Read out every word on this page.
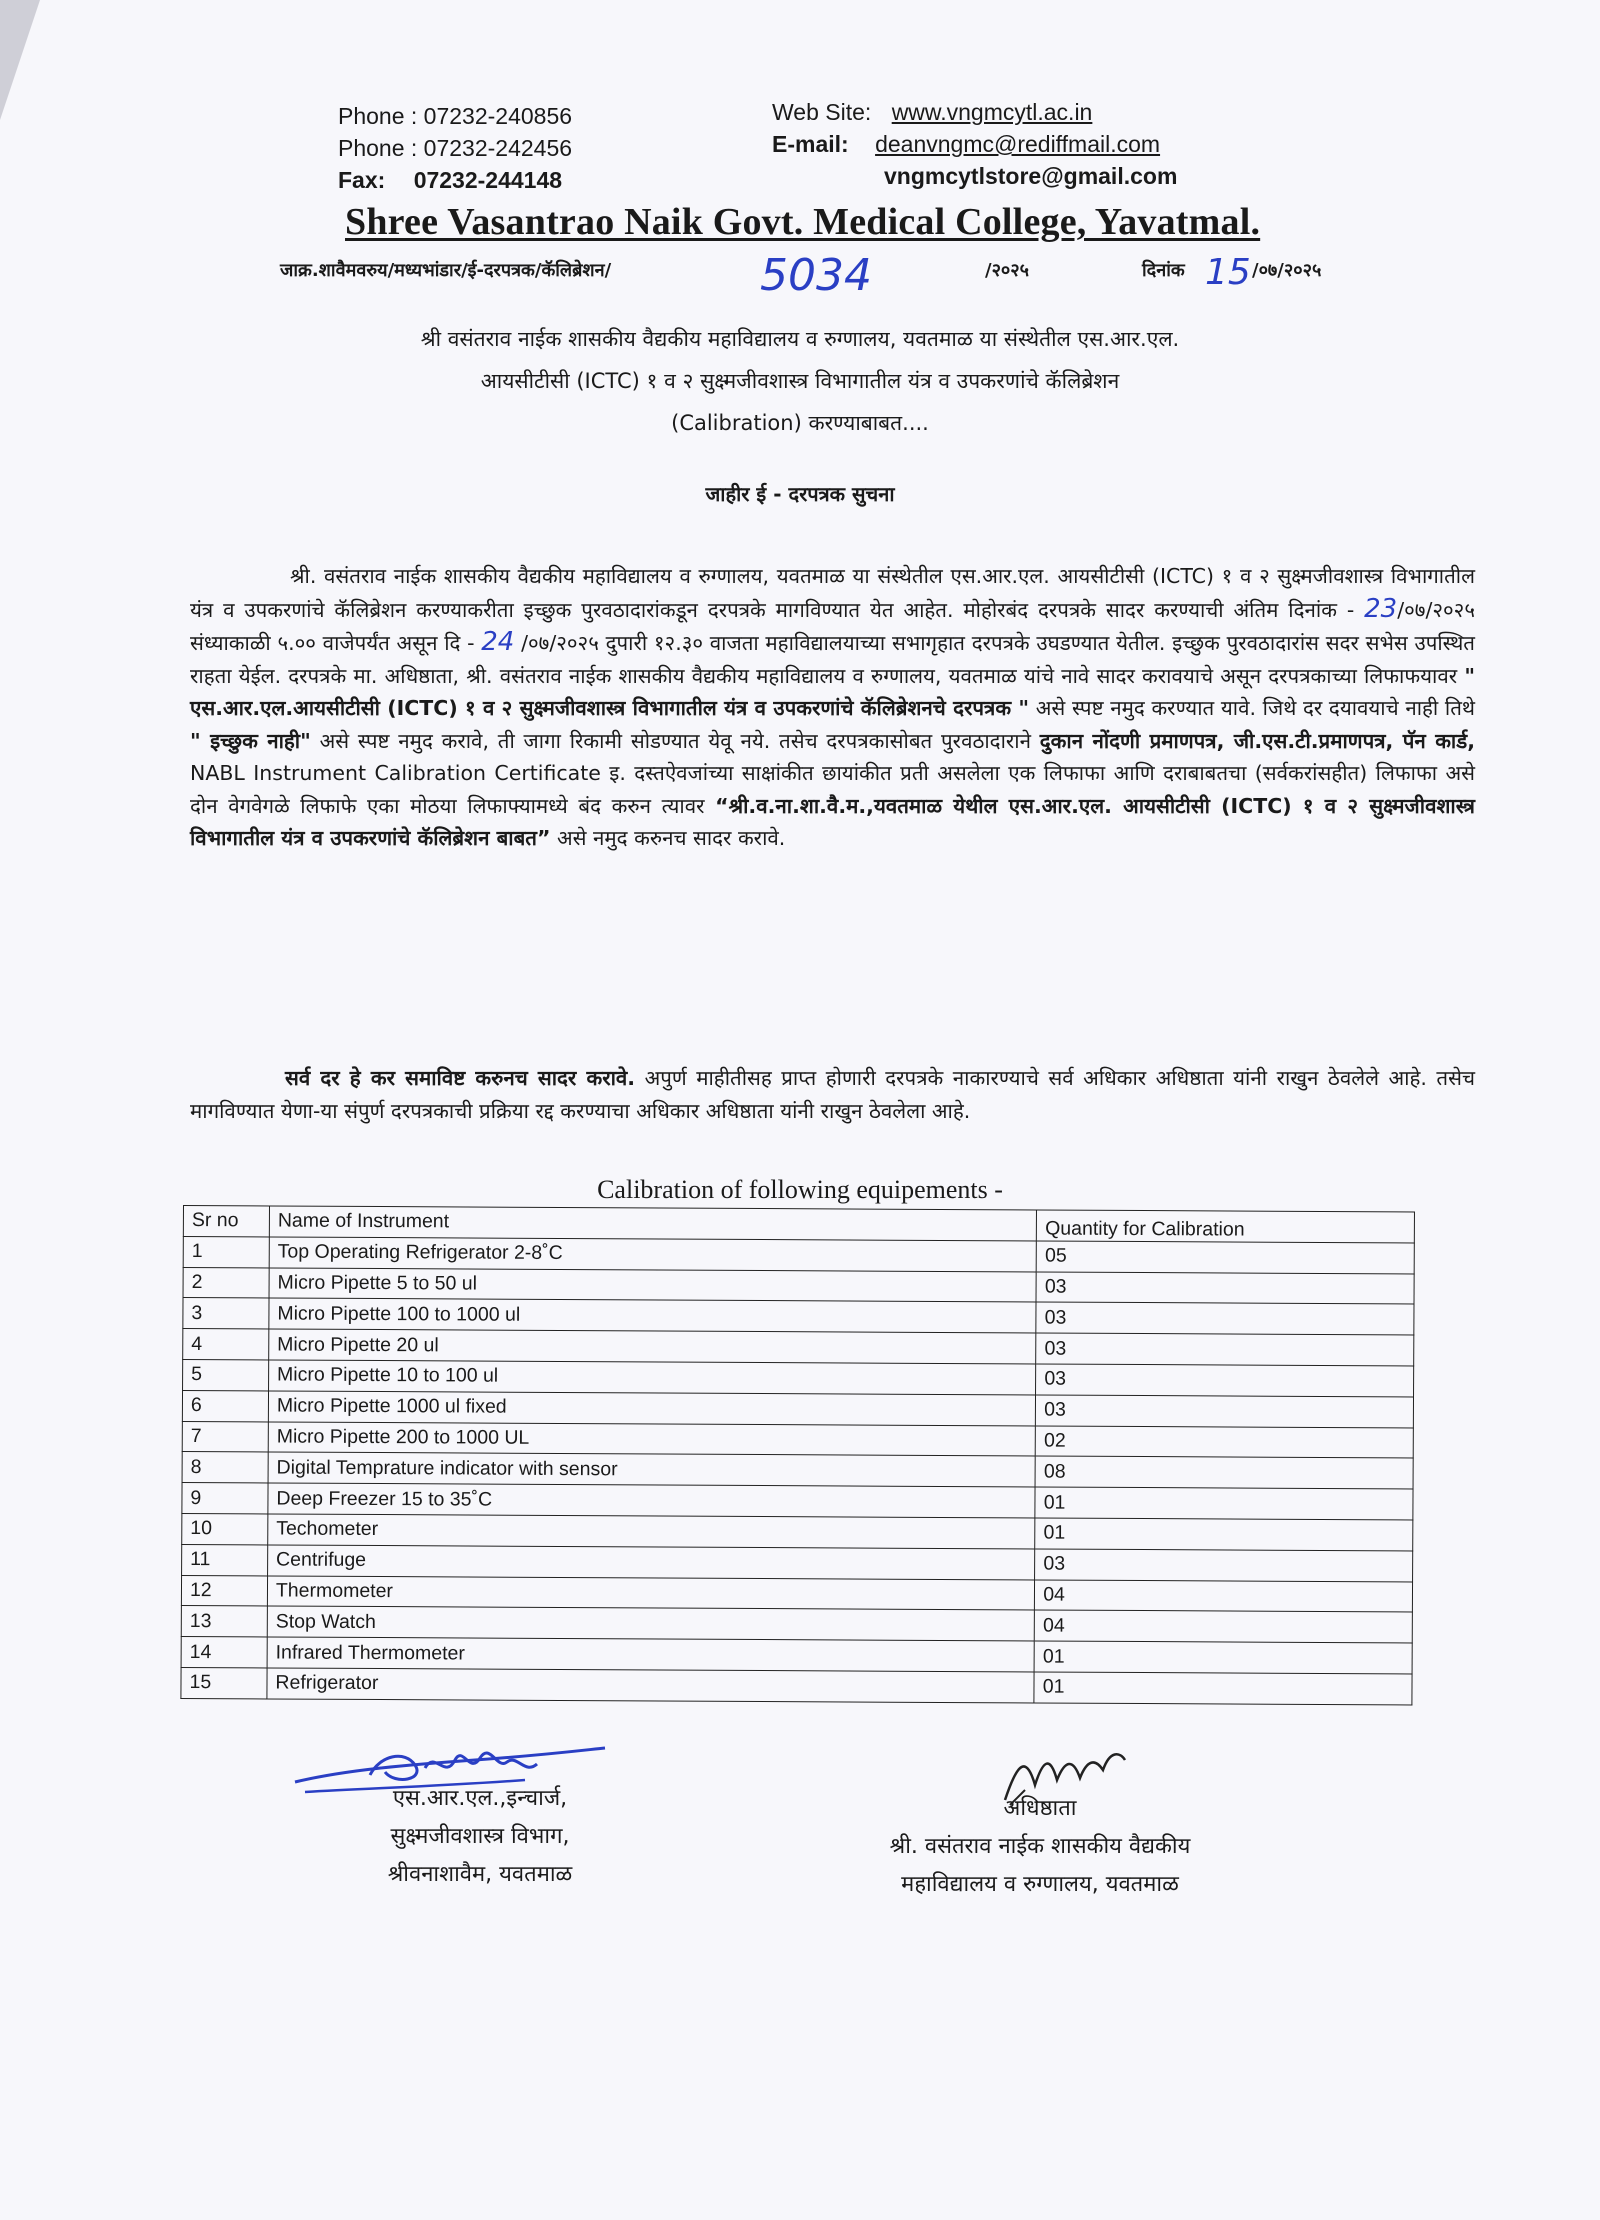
Phone : 07232-240856
Phone : 07232-242456
Fax: 07232-244148
Web Site: www.vngmcytl.ac.in
E-mail: deanvngmc@rediffmail.com
vngmcytlstore@gmail.com
Shree Vasantrao Naik Govt. Medical College, Yavatmal.
जाक्र.शावैमवरुय/मध्यभांडार/ई-दरपत्रक/कॅलिब्रेशन/	5034	/२०२५	दिनांक 15 /०७/२०२५
श्री वसंतराव नाईक शासकीय वैद्यकीय महाविद्यालय व रुग्णालय, यवतमाळ या संस्थेतील एस.आर.एल.
आयसीटीसी (ICTC) १ व २ सुक्ष्मजीवशास्त्र विभागातील यंत्र व उपकरणांचे कॅलिब्रेशन
(Calibration) करण्याबाबत....
जाहीर ई - दरपत्रक सुचना
श्री. वसंतराव नाईक शासकीय वैद्यकीय महाविद्यालय व रुग्णालय, यवतमाळ या संस्थेतील एस.आर.एल. आयसीटीसी (ICTC) १ व २ सुक्ष्मजीवशास्त्र विभागातील यंत्र व उपकरणांचे कॅलिब्रेशन करण्याकरीता इच्छुक पुरवठादारांकडून दरपत्रके मागविण्यात येत आहेत. मोहोरबंद दरपत्रके सादर करण्याची अंतिम दिनांक - 23/०७/२०२५ संध्याकाळी ५.०० वाजेपर्यंत असून दि - 24 /०७/२०२५ दुपारी १२.३० वाजता महाविद्यालयाच्या सभागृहात दरपत्रके उघडण्यात येतील. इच्छुक पुरवठादारांस सदर सभेस उपस्थित राहता येईल. दरपत्रके मा. अधिष्ठाता, श्री. वसंतराव नाईक शासकीय वैद्यकीय महाविद्यालय व रुग्णालय, यवतमाळ यांचे नावे सादर करावयाचे असून दरपत्रकाच्या लिफाफयावर " एस.आर.एल.आयसीटीसी (ICTC) १ व २ सुक्ष्मजीवशास्त्र विभागातील यंत्र व उपकरणांचे कॅलिब्रेशनचे दरपत्रक " असे स्पष्ट नमुद करण्यात यावे. जिथे दर दयावयाचे नाही तिथे " इच्छुक नाही" असे स्पष्ट नमुद करावे, ती जागा रिकामी सोडण्यात येवू नये. तसेच दरपत्रकासोबत पुरवठादाराने दुकान नोंदणी प्रमाणपत्र, जी.एस.टी.प्रमाणपत्र, पॅन कार्ड, NABL Instrument Calibration Certificate इ. दस्तऐवजांच्या साक्षांकीत छायांकीत प्रती असलेला एक लिफाफा आणि दराबाबतचा (सर्वकरांसहीत) लिफाफा असे दोन वेगवेगळे लिफाफे एका मोठया लिफाफ्यामध्ये बंद करुन त्यावर “श्री.व.ना.शा.वै.म.,यवतमाळ येथील एस.आर.एल. आयसीटीसी (ICTC) १ व २ सुक्ष्मजीवशास्त्र विभागातील यंत्र व उपकरणांचे कॅलिब्रेशन बाबत” असे नमुद करुनच सादर करावे.
सर्व दर हे कर समाविष्ट करुनच सादर करावे. अपुर्ण माहीतीसह प्राप्त होणारी दरपत्रके नाकारण्याचे सर्व अधिकार अधिष्ठाता यांनी राखुन ठेवलेले आहे. तसेच मागविण्यात येणा-या संपुर्ण दरपत्रकाची प्रक्रिया रद्द करण्याचा अधिकार अधिष्ठाता यांनी राखुन ठेवलेला आहे.
Calibration of following equipements -
Sr no	Name of Instrument	Quantity for Calibration
1	Top Operating Refrigerator 2-8˚C	05
2	Micro Pipette 5 to 50 ul	03
3	Micro Pipette 100 to 1000 ul	03
4	Micro Pipette 20 ul	03
5	Micro Pipette 10 to 100 ul	03
6	Micro Pipette 1000 ul fixed	03
7	Micro Pipette 200 to 1000 UL	02
8	Digital Temprature indicator with sensor	08
9	Deep Freezer 15 to 35˚C	01
10	Techometer	01
11	Centrifuge	03
12	Thermometer	04
13	Stop Watch	04
14	Infrared Thermometer	01
15	Refrigerator	01
एस.आर.एल.,इन्चार्ज,
सुक्ष्मजीवशास्त्र विभाग,
श्रीवनाशावैम, यवतमाळ
अधिष्ठाता
श्री. वसंतराव नाईक शासकीय वैद्यकीय
महाविद्यालय व रुग्णालय, यवतमाळ
